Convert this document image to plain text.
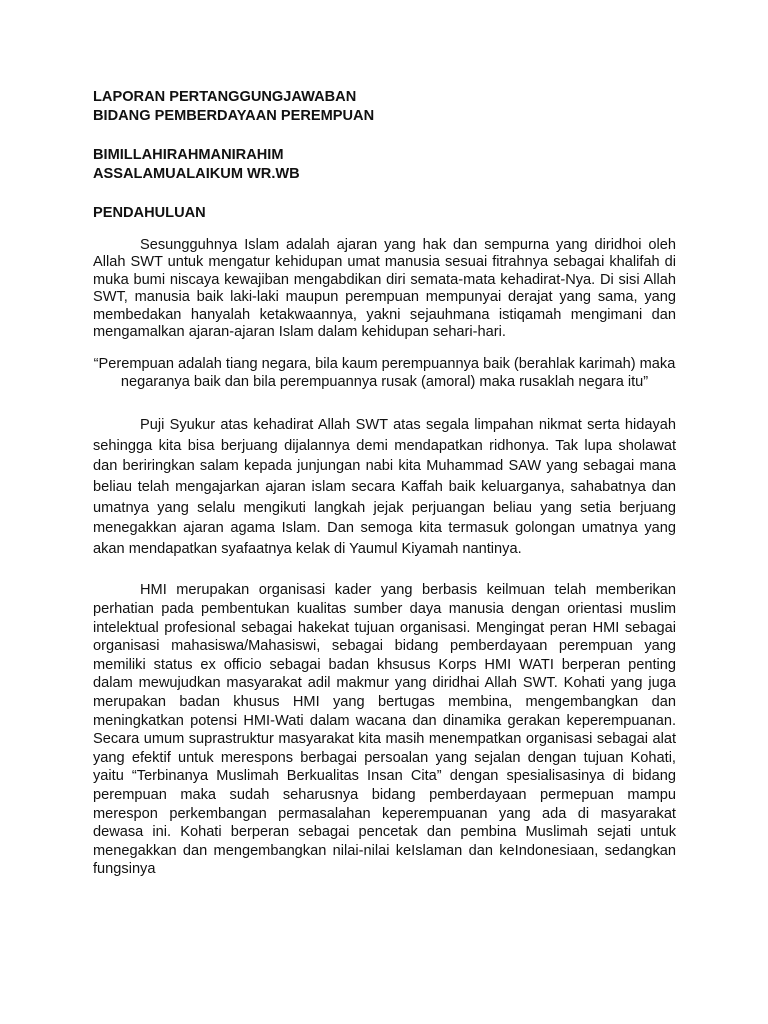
LAPORAN PERTANGGUNGJAWABAN

BIDANG PEMBERDAYAAN PEREMPUAN

BIMILLAHIRAHMANIRAHIM

ASSALAMUALAIKUM WR.WB

PENDAHULUAN

Sesungguhnya Islam adalah ajaran yang hak dan sempurna yang diridhoi oleh Allah SWT untuk mengatur kehidupan umat manusia sesuai fitrahnya sebagai khalifah di muka bumi niscaya kewajiban mengabdikan diri semata-mata kehadirat-Nya. Di sisi Allah SWT, manusia baik laki-laki maupun perempuan mempunyai derajat yang sama, yang membedakan hanyalah ketakwaannya, yakni sejauhmana istiqamah mengimani dan mengamalkan ajaran-ajaran Islam dalam kehidupan sehari-hari.

“Perempuan adalah tiang negara, bila kaum perempuannya baik (berahlak karimah) maka negaranya baik dan bila perempuannya rusak (amoral) maka rusaklah negara itu”

Puji Syukur atas kehadirat Allah SWT atas segala limpahan nikmat serta hidayah sehingga kita bisa berjuang dijalannya demi mendapatkan ridhonya. Tak lupa sholawat dan beriringkan salam kepada junjungan nabi kita Muhammad SAW yang sebagai mana beliau telah mengajarkan ajaran islam secara Kaffah baik keluarganya, sahabatnya dan umatnya yang selalu mengikuti langkah jejak perjuangan beliau yang setia berjuang menegakkan ajaran agama Islam. Dan semoga kita termasuk golongan umatnya yang akan mendapatkan syafaatnya kelak di Yaumul Kiyamah nantinya.

HMI merupakan organisasi kader yang berbasis keilmuan telah memberikan perhatian pada pembentukan kualitas sumber daya manusia dengan orientasi muslim intelektual profesional sebagai hakekat tujuan organisasi. Mengingat peran HMI sebagai organisasi mahasiswa/Mahasiswi, sebagai bidang pemberdayaan perempuan yang memiliki status ex officio sebagai badan khsusus Korps HMI WATI berperan penting dalam mewujudkan masyarakat adil makmur yang diridhai Allah SWT. Kohati yang juga merupakan badan khusus HMI yang bertugas membina, mengembangkan dan meningkatkan potensi HMI-Wati dalam wacana dan dinamika gerakan keperempuanan. Secara umum suprastruktur masyarakat kita masih menempatkan organisasi sebagai alat yang efektif untuk merespons berbagai persoalan yang sejalan dengan tujuan Kohati, yaitu “Terbinanya Muslimah Berkualitas Insan Cita” dengan spesialisasinya di bidang perempuan maka sudah seharusnya bidang pemberdayaan permepuan mampu merespon perkembangan permasalahan keperempuanan yang ada di masyarakat dewasa ini. Kohati berperan sebagai pencetak dan pembina Muslimah sejati untuk menegakkan dan mengembangkan nilai-nilai keIslaman dan keIndonesiaan, sedangkan fungsinya
